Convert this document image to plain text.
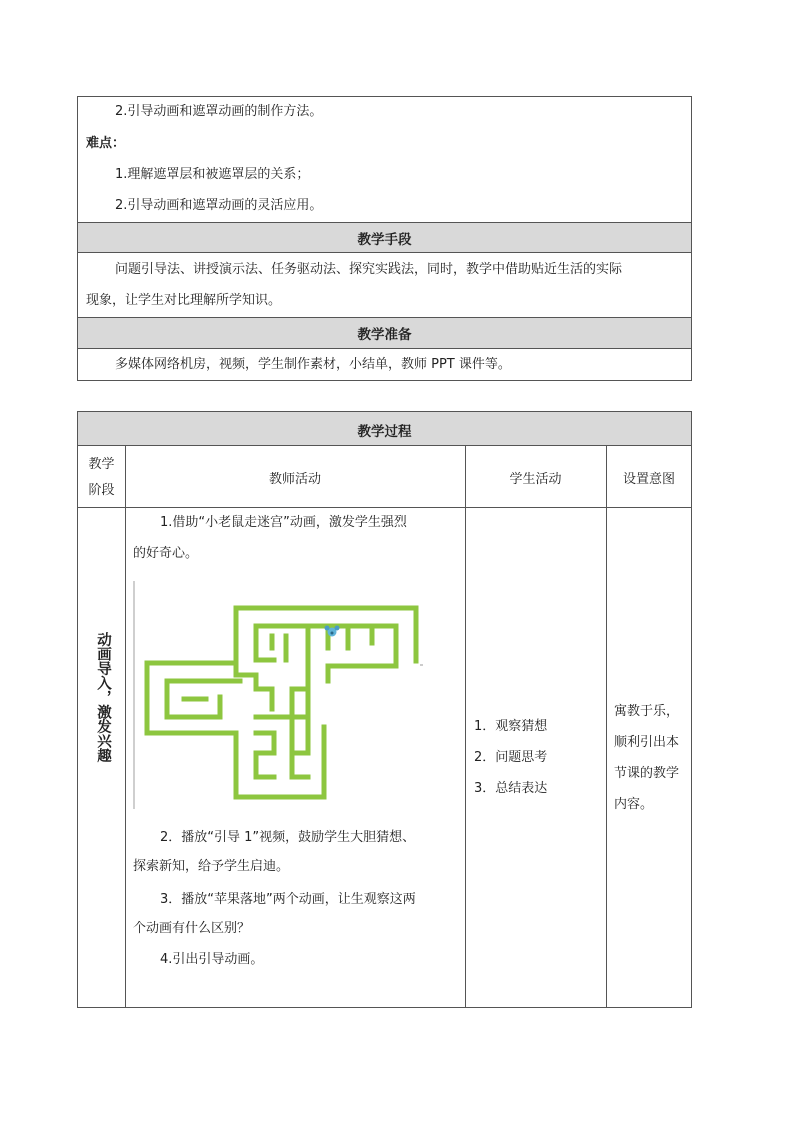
2.引导动画和遮罩动画的制作方法。
难点：
1.理解遮罩层和被遮罩层的关系；
2.引导动画和遮罩动画的灵活应用。
教学手段
问题引导法、讲授演示法、任务驱动法、探究实践法，同时，教学中借助贴近生活的实际
现象，让学生对比理解所学知识。
教学准备
多媒体网络机房，视频，学生制作素材，小结单，教师 PPT 课件等。
教学过程
教学
阶段
教师活动	学生活动	设置意图
动画导入，激发兴趣
1.借助“小老鼠走迷宫”动画，激发学生强烈
的好奇心。
2．播放“引导 1”视频，鼓励学生大胆猜想、
探索新知，给予学生启迪。
3．播放“苹果落地”两个动画，让生观察这两
个动画有什么区别？
4.引出引导动画。
1．观察猜想
2．问题思考
3．总结表达
寓教于乐，
顺利引出本
节课的教学
内容。
